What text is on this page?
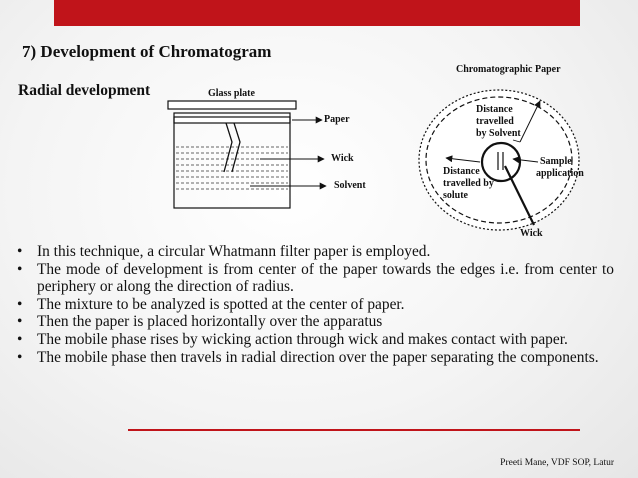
7) Development of Chromatogram
Radial development	Glass plate
Paper
Wick
Solvent
Chromatographic Paper
Distance
travelled
by Solvent
Distance
travelled by
solute
Sample
application
Wick
• In this technique, a circular Whatmann filter paper is employed.
• The mode of development is from center of the paper towards the edges i.e. from center to periphery or along the direction of radius.
• The mixture to be analyzed is spotted at the center of paper.
• Then the paper is placed horizontally over the apparatus
• The mobile phase rises by wicking action through wick and makes contact with paper.
• The mobile phase then travels in radial direction over the paper separating the components.
Preeti Mane, VDF SOP, Latur
